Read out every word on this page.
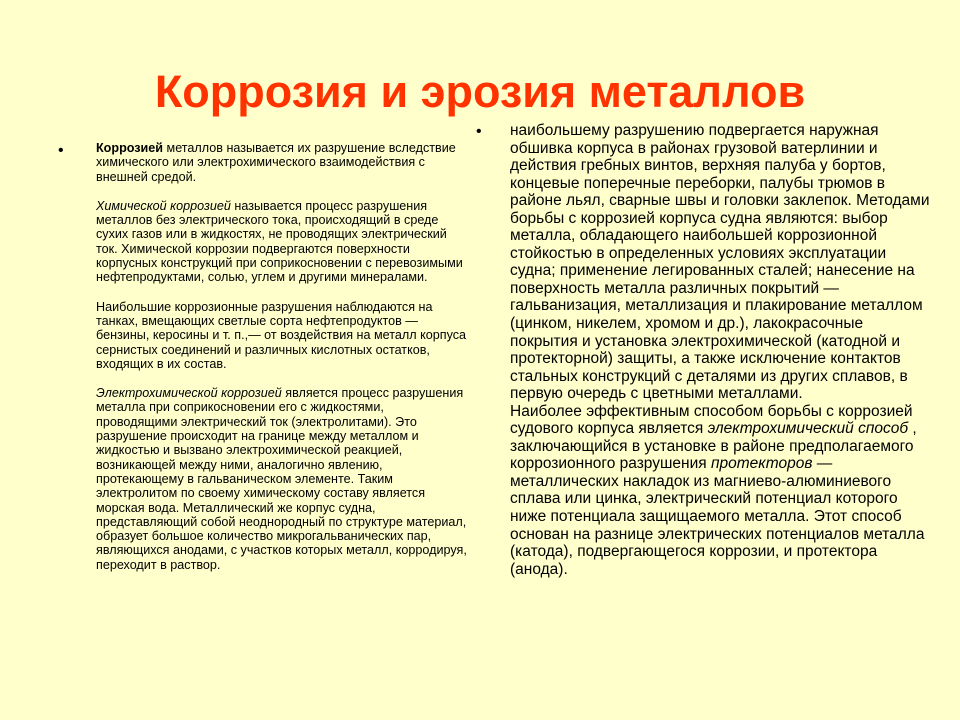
Коррозия и эрозия металлов
•	Коррозией металлов называется их разрушение вследствие химического или электрохимического взаимодействия с внешней средой.

Химической коррозией называется процесс разрушения металлов без электрического тока, происходящий в среде сухих газов или в жидкостях, не проводящих электрический ток. Химической коррозии подвергаются поверхности корпусных конструкций при соприкосновении с перевозимыми нефтепродуктами, солью, углем и другими минералами.

Наибольшие коррозионные разрушения наблюдаются на танках, вмещающих светлые сорта нефтепродуктов — бензины, керосины и т. п.,— от воздействия на металл корпуса сернистых соединений и различных кислотных остатков, входящих в их состав.

Электрохимической коррозией является процесс разрушения металла при соприкосновении его с жидкостями, проводящими электрический ток (электролитами). Это разрушение происходит на границе между металлом и жидкостью и вызвано электрохимической реакцией, возникающей между ними, аналогично явлению, протекающему в гальваническом элементе. Таким электролитом по своему химическому составу является морская вода. Металлический же корпус судна, представляющий собой неоднородный по структуре материал, образует большое количество микрогальванических пар, являющихся анодами, с участков которых металл, корродируя, переходит в раствор.

• наибольшему разрушению подвергается наружная обшивка корпуса в районах грузовой ватерлинии и действия гребных винтов, верхняя палуба у бортов, концевые поперечные переборки, палубы трюмов в районе льял, сварные швы и головки заклепок. Методами борьбы с коррозией корпуса судна являются: выбор металла, обладающего наибольшей коррозионной стойкостью в определенных условиях эксплуатации судна; применение легированных сталей; нанесение на поверхность металла различных покрытий — гальванизация, металлизация и плакирование металлом (цинком, никелем, хромом и др.), лакокрасочные покрытия и установка электрохимической (катодной и протекторной) защиты, а также исключение контактов стальных конструкций с деталями из других сплавов, в первую очередь с цветными металлами.

Наиболее эффективным способом борьбы с коррозией судового корпуса является электрохимический способ , заключающийся в установке в районе предполагаемого коррозионного разрушения протекторов — металлических накладок из магниево-алюминиевого сплава или цинка, электрический потенциал которого ниже потенциала защищаемого металла. Этот способ основан на разнице электрических потенциалов металла (катода), подвергающегося коррозии, и протектора (анода).
